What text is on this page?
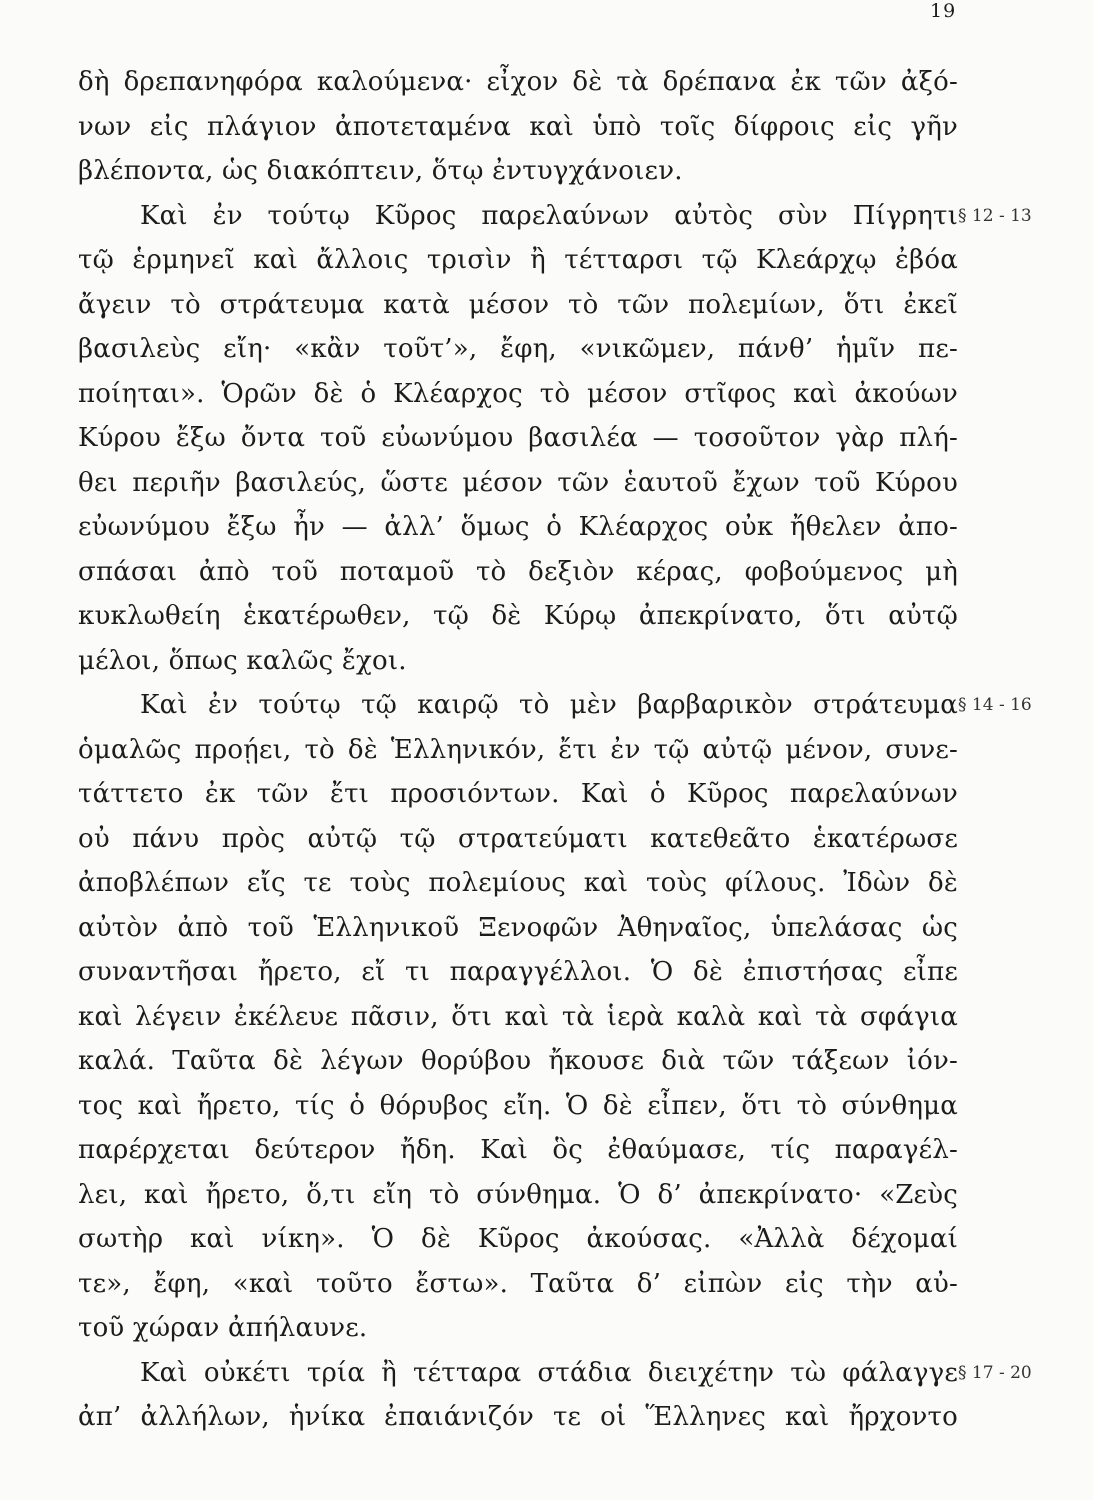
19
δὴ δρεπανηφόρα καλούμενα· εἶχον δὲ τὰ δρέπανα ἐκ τῶν ἀξό-
νων εἰς πλάγιον ἀποτεταμένα καὶ ὑπὸ τοῖς δίφροις εἰς γῆν
βλέποντα, ὡς διακόπτειν, ὅτῳ ἐντυγχάνοιεν.
Καὶ ἐν τούτῳ Κῦρος παρελαύνων αὐτὸς σὺν Πίγρητι
τῷ ἑρμηνεῖ καὶ ἄλλοις τρισὶν ἢ τέτταρσι τῷ Κλεάρχῳ ἐβόα
ἄγειν τὸ στράτευμα κατὰ μέσον τὸ τῶν πολεμίων, ὅτι ἐκεῖ
βασιλεὺς εἴη· «κἂν τοῦτ’», ἔφη, «νικῶμεν, πάνθ’ ἡμῖν πε-
ποίηται». Ὁρῶν δὲ ὁ Κλέαρχος τὸ μέσον στῖφος καὶ ἀκούων
Κύρου ἔξω ὄντα τοῦ εὐωνύμου βασιλέα — τοσοῦτον γὰρ πλή-
θει περιῆν βασιλεύς, ὥστε μέσον τῶν ἑαυτοῦ ἔχων τοῦ Κύρου
εὐωνύμου ἔξω ἦν — ἀλλ’ ὅμως ὁ Κλέαρχος οὐκ ἤθελεν ἀπο-
σπάσαι ἀπὸ τοῦ ποταμοῦ τὸ δεξιὸν κέρας, φοβούμενος μὴ
κυκλωθείη ἑκατέρωθεν, τῷ δὲ Κύρῳ ἀπεκρίνατο, ὅτι αὐτῷ
μέλοι, ὅπως καλῶς ἔχοι.
Καὶ ἐν τούτῳ τῷ καιρῷ τὸ μὲν βαρβαρικὸν στράτευμα
ὁμαλῶς προῄει, τὸ δὲ Ἑλληνικόν, ἔτι ἐν τῷ αὐτῷ μένον, συνε-
τάττετο ἐκ τῶν ἔτι προσιόντων. Καὶ ὁ Κῦρος παρελαύνων
οὐ πάνυ πρὸς αὐτῷ τῷ στρατεύματι κατεθεᾶτο ἑκατέρωσε
ἀποβλέπων εἴς τε τοὺς πολεμίους καὶ τοὺς φίλους. Ἰδὼν δὲ
αὐτὸν ἀπὸ τοῦ Ἑλληνικοῦ Ξενοφῶν Ἀθηναῖος, ὑπελάσας ὡς
συναντῆσαι ἤρετο, εἴ τι παραγγέλλοι. Ὁ δὲ ἐπιστήσας εἶπε
καὶ λέγειν ἐκέλευε πᾶσιν, ὅτι καὶ τὰ ἱερὰ καλὰ καὶ τὰ σφάγια
καλά. Ταῦτα δὲ λέγων θορύβου ἤκουσε διὰ τῶν τάξεων ἰόν-
τος καὶ ἤρετο, τίς ὁ θόρυβος εἴη. Ὁ δὲ εἶπεν, ὅτι τὸ σύνθημα
παρέρχεται δεύτερον ἤδη. Καὶ ὃς ἐθαύμασε, τίς παραγέλ-
λει, καὶ ἤρετο, ὅ,τι εἴη τὸ σύνθημα. Ὁ δ’ ἀπεκρίνατο· «Ζεὺς
σωτὴρ καὶ νίκη». Ὁ δὲ Κῦρος ἀκούσας. «Ἀλλὰ δέχομαί
τε», ἔφη, «καὶ τοῦτο ἔστω». Ταῦτα δ’ εἰπὼν εἰς τὴν αὐ-
τοῦ χώραν ἀπήλαυνε.
Καὶ οὐκέτι τρία ἢ τέτταρα στάδια διειχέτην τὼ φάλαγγε
ἀπ’ ἀλλήλων, ἡνίκα ἐπαιάνιζόν τε οἱ Ἕλληνες καὶ ἤρχοντο
§ 12 - 13
§ 14 - 16
§ 17 - 20
